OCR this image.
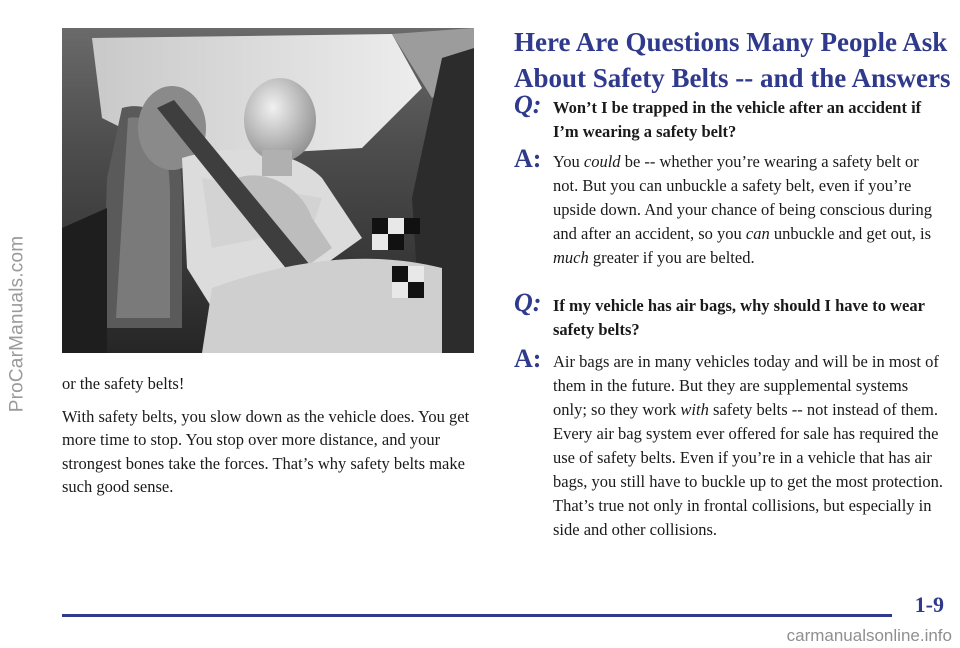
ProCarManuals.com or the safety belts!

With safety belts, you slow down as the vehicle does. You get more time to stop. You stop over more distance, and your strongest bones take the forces. That’s why safety belts make such good sense.

Here Are Questions Many People Ask About Safety Belts -- and the Answers
Q: Won’t I be trapped in the vehicle after an accident if I’m wearing a safety belt?
A: You could be -- whether you’re wearing a safety belt or not. But you can unbuckle a safety belt, even if you’re upside down. And your chance of being conscious during and after an accident, so you can unbuckle and get out, is much greater if you are belted.
Q: If my vehicle has air bags, why should I have to wear safety belts?
A: Air bags are in many vehicles today and will be in most of them in the future. But they are supplemental systems only; so they work with safety belts -- not instead of them. Every air bag system ever offered for sale has required the use of safety belts. Even if you’re in a vehicle that has air bags, you still have to buckle up to get the most protection. That’s true not only in frontal collisions, but especially in side and other collisions.
1-9
carmanualsonline.info
